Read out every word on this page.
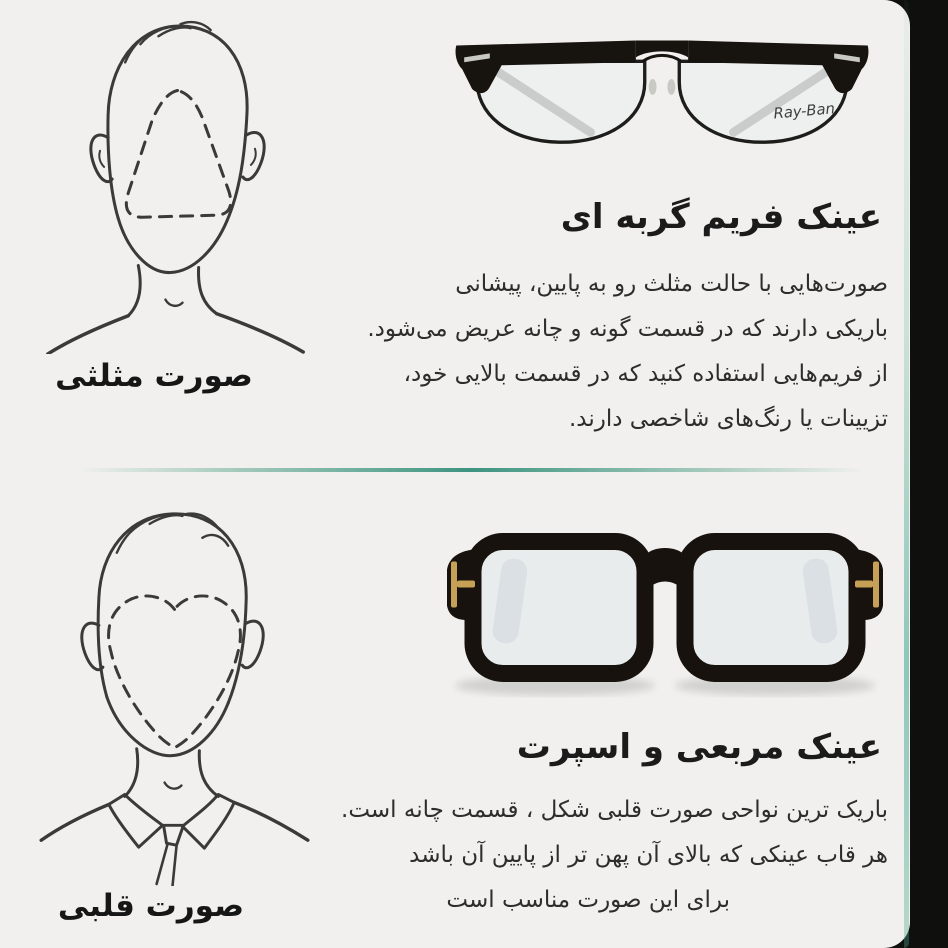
صورت مثلثی
Ray-Ban
عینک فریم گربه ای
صورت‌هایی با حالت مثلث رو به پایین، پیشانی
باریکی دارند که در قسمت گونه و چانه عریض می‌شود.
از فریم‌هایی استفاده کنید که در قسمت بالایی خود،
تزیینات یا رنگ‌های شاخصی دارند.
صورت قلبی
عینک مربعی و اسپرت
باریک ترین نواحی صورت قلبی شکل ، قسمت چانه است.
هر قاب عینکی که بالای آن پهن تر از پایین آن باشد
برای این صورت مناسب است
